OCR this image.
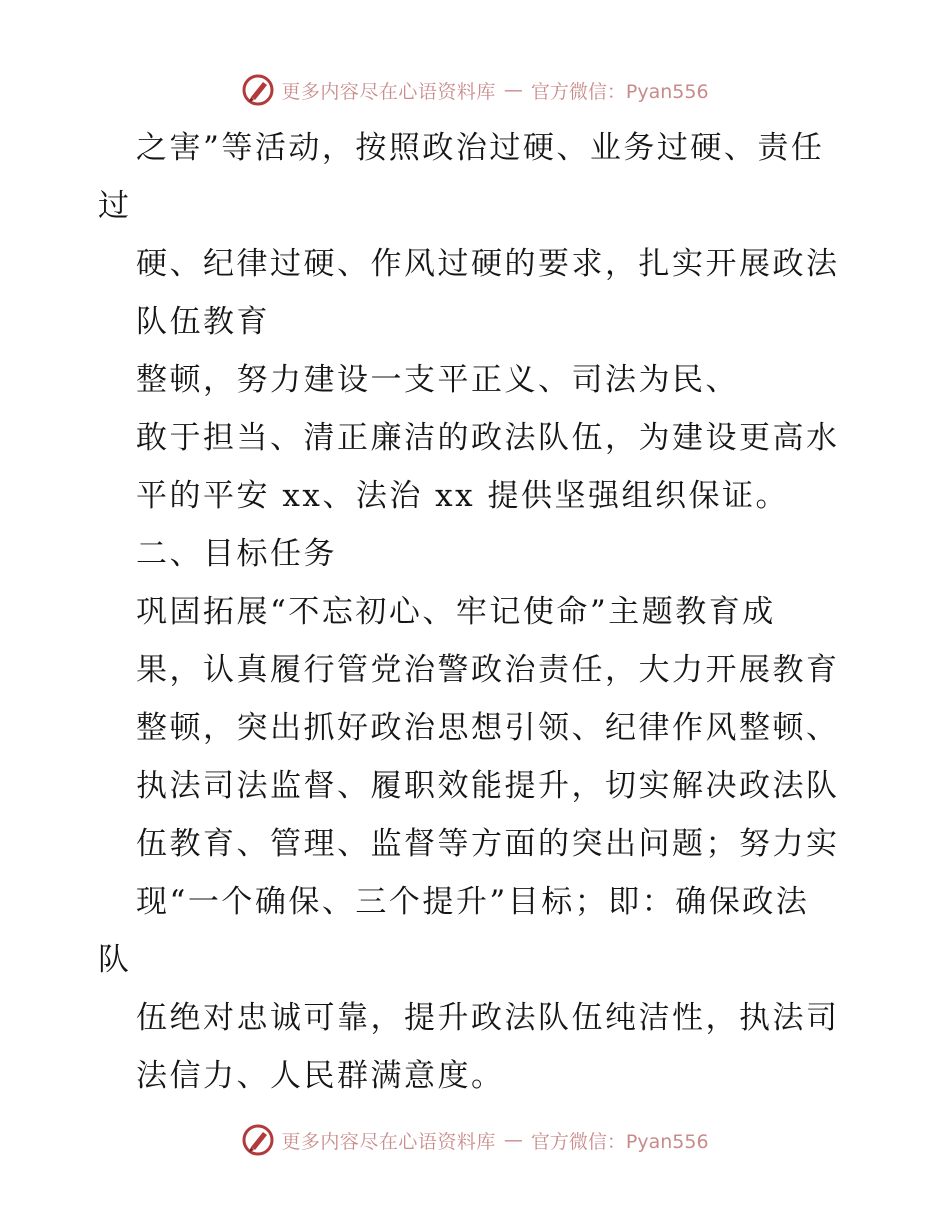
更多内容尽在心语资料库 — 官方微信：Pyan556
之害”等活动，按照政治过硬、业务过硬、责任
过
硬、纪律过硬、作风过硬的要求，扎实开展政法
队伍教育
整顿，努力建设一支平正义、司法为民、
敢于担当、清正廉洁的政法队伍，为建设更高水
平的平安 xx、法治 xx 提供坚强组织保证。
二、目标任务
巩固拓展“不忘初心、牢记使命”主题教育成
果，认真履行管党治警政治责任，大力开展教育
整顿，突出抓好政治思想引领、纪律作风整顿、
执法司法监督、履职效能提升，切实解决政法队
伍教育、管理、监督等方面的突出问题；努力实
现“一个确保、三个提升”目标；即：确保政法
队
伍绝对忠诚可靠，提升政法队伍纯洁性，执法司
法信力、人民群满意度。
更多内容尽在心语资料库 — 官方微信：Pyan556
